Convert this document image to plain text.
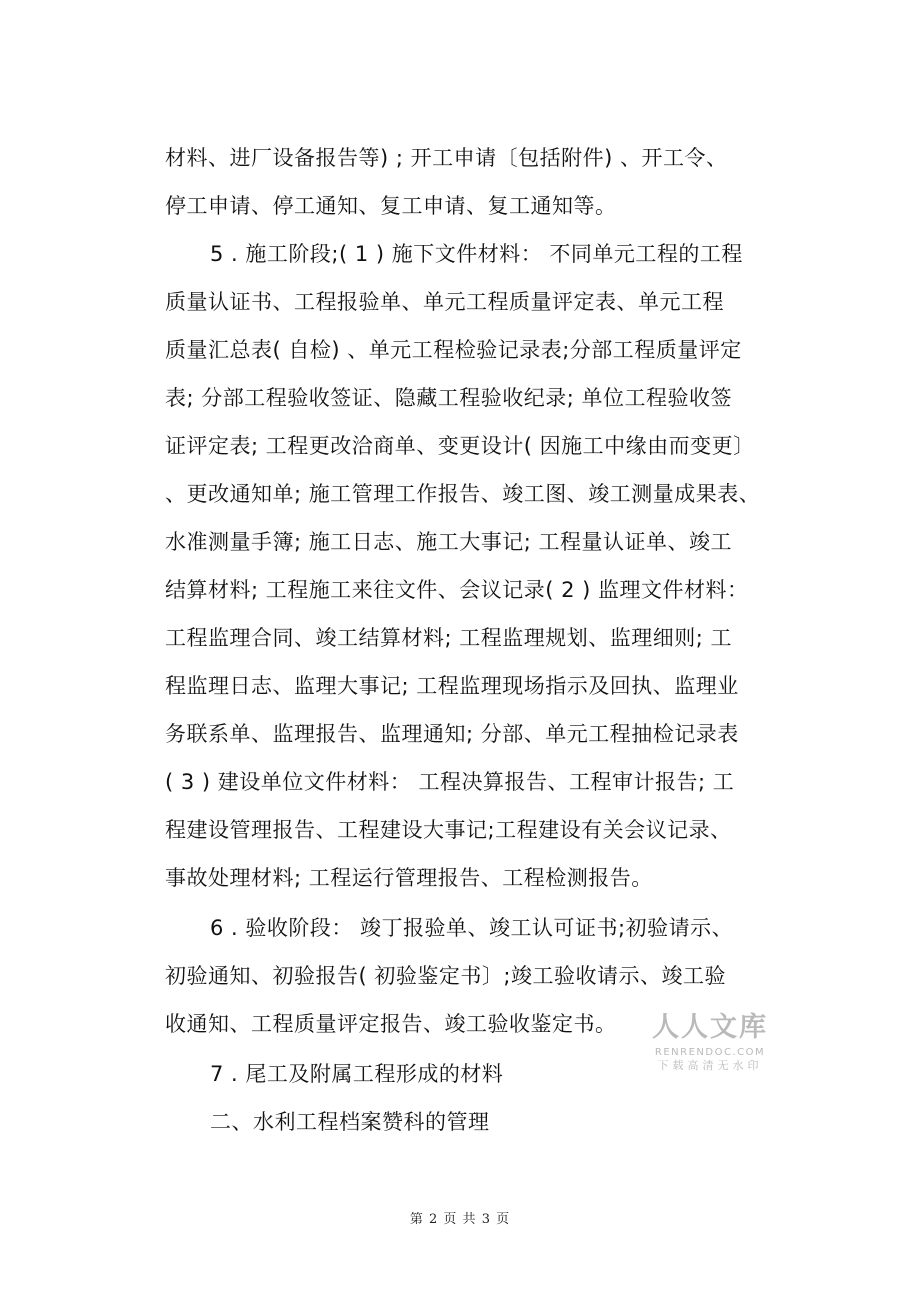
材料、进厂设备报告等) ; 开工申请〔包括附件) 、开工令、
停工申请、停工通知、复工申请、复工通知等。
5 . 施工阶段;( 1 ) 施下文件材料： 不同单元工程的工程
质量认证书、工程报验单、单元工程质量评定表、单元工程
质量汇总表( 自检) 、单元工程检验记录表;分部工程质量评定
表; 分部工程验收签证、隐藏工程验收纪录; 单位工程验收签
证评定表; 工程更改洽商单、变更设计( 因施工中缘由而变更〕
、更改通知单; 施工管理工作报告、竣工图、竣工测量成果表、
水准测量手簿; 施工日志、施工大事记; 工程量认证单、竣工
结算材料; 工程施工来往文件、会议记录( 2 ) 监理文件材料：
工程监理合同、竣工结算材料; 工程监理规划、监理细则; 工
程监理日志、监理大事记; 工程监理现场指示及回执、监理业
务联系单、监理报告、监理通知; 分部、单元工程抽检记录表
( 3 ) 建设单位文件材料： 工程决算报告、工程审计报告; 工
程建设管理报告、工程建设大事记;工程建设有关会议记录、
事故处理材料; 工程运行管理报告、工程检测报告。
6 . 验收阶段： 竣丁报验单、竣工认可证书;初验请示、
初验通知、初验报告( 初验鉴定书〕;竣工验收请示、竣工验
收通知、工程质量评定报告、竣工验收鉴定书。
7 . 尾工及附属工程形成的材料
二、水利工程档案赞科的管理
人人文库
RENRENDOC.COM
下载高清无水印
第 2 页 共 3 页
